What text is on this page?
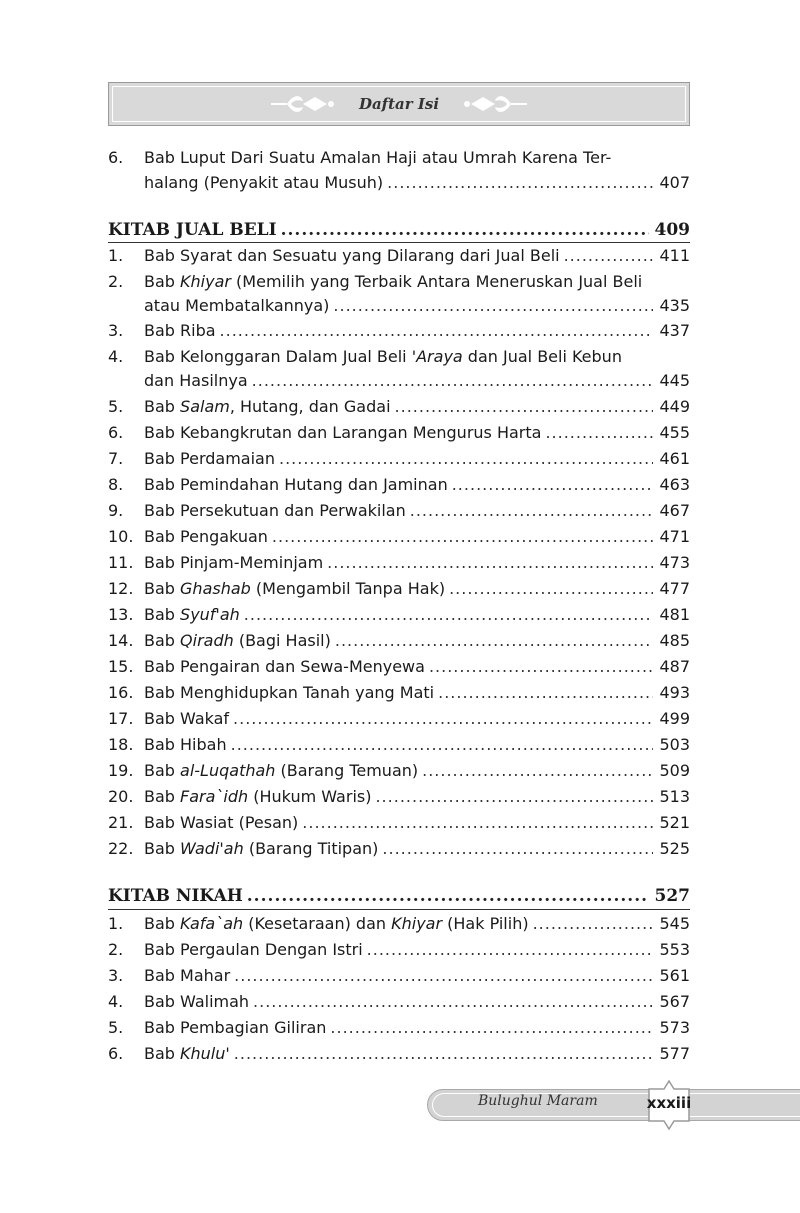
Daftar Isi
6. Bab Luput Dari Suatu Amalan Haji atau Umrah Karena Ter-
halang (Penyakit atau Musuh) .....	407
KITAB JUAL BELI .....	409
1. Bab Syarat dan Sesuatu yang Dilarang dari Jual Beli .....	411
2. Bab Khiyar (Memilih yang Terbaik Antara Meneruskan Jual Beli
atau Membatalkannya) .....	435
3. Bab Riba .....	437
4. Bab Kelonggaran Dalam Jual Beli 'Araya dan Jual Beli Kebun
dan Hasilnya .....	445
5. Bab Salam, Hutang, dan Gadai .....	449
6. Bab Kebangkrutan dan Larangan Mengurus Harta .....	455
7. Bab Perdamaian .....	461
8. Bab Pemindahan Hutang dan Jaminan .....	463
9. Bab Persekutuan dan Perwakilan .....	467
10. Bab Pengakuan .....	471
11. Bab Pinjam-Meminjam .....	473
12. Bab Ghashab (Mengambil Tanpa Hak) .....	477
13. Bab Syuf'ah .....	481
14. Bab Qiradh (Bagi Hasil) .....	485
15. Bab Pengairan dan Sewa-Menyewa .....	487
16. Bab Menghidupkan Tanah yang Mati .....	493
17. Bab Wakaf .....	499
18. Bab Hibah .....	503
19. Bab al-Luqathah (Barang Temuan) .....	509
20. Bab Fara`idh (Hukum Waris) .....	513
21. Bab Wasiat (Pesan) .....	521
22. Bab Wadi'ah (Barang Titipan) .....	525
KITAB NIKAH .....	527
1. Bab Kafa`ah (Kesetaraan) dan Khiyar (Hak Pilih) .....	545
2. Bab Pergaulan Dengan Istri .....	553
3. Bab Mahar .....	561
4. Bab Walimah .....	567
5. Bab Pembagian Giliran .....	573
6. Bab Khulu' .....	577
Bulughul Maram	xxxiii
